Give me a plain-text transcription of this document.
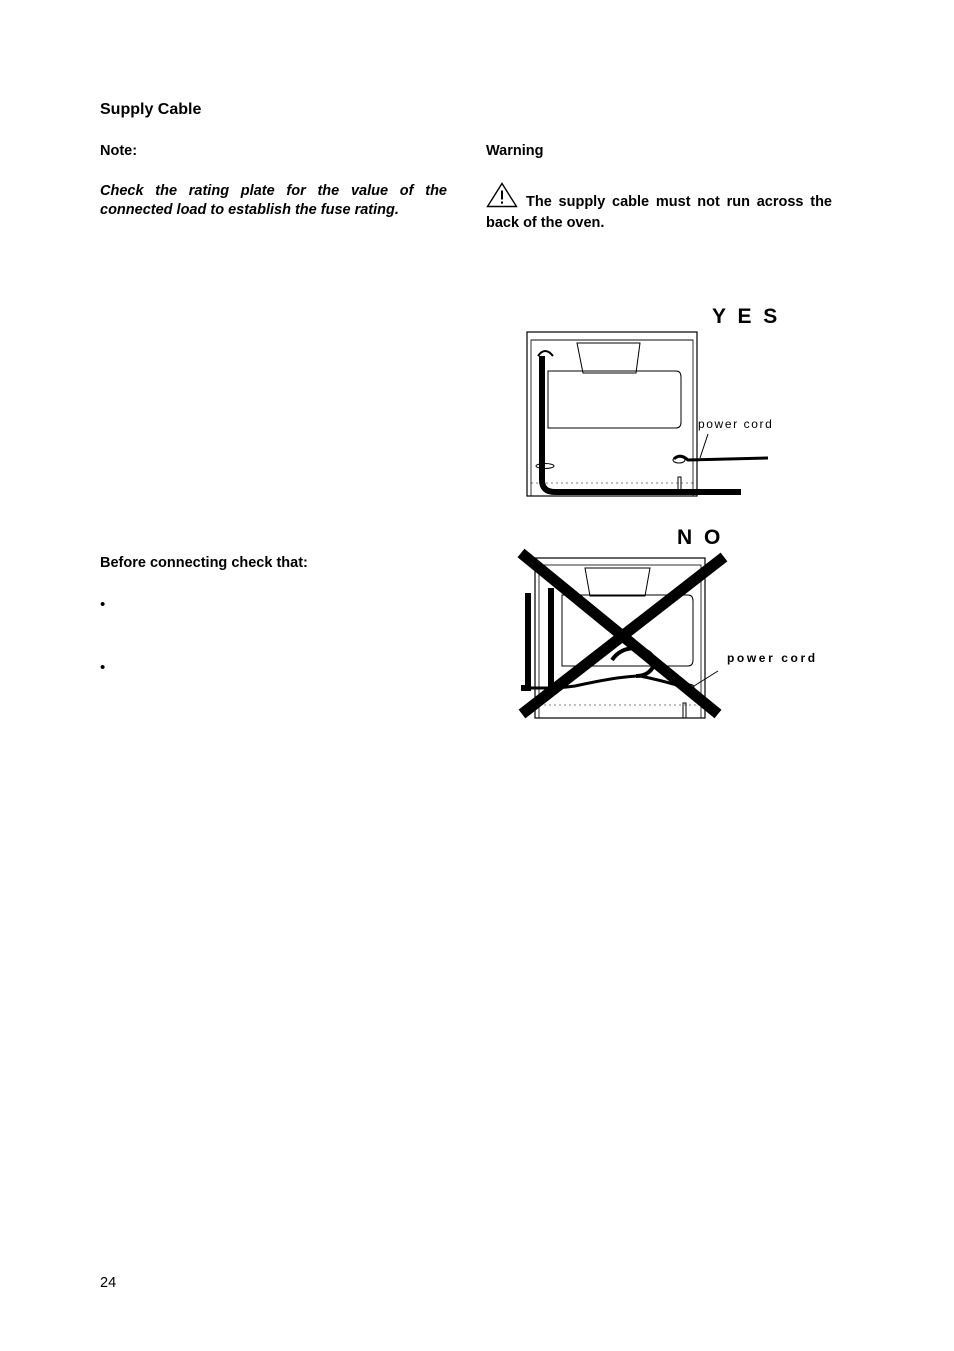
Supply Cable
Note:
Check the rating plate for the value of the connected load to establish the fuse rating.
Warning
The supply cable must not run across the back of the oven.
Y E S
power cord
N O
power cord
Before connecting check that:
•
•
24
